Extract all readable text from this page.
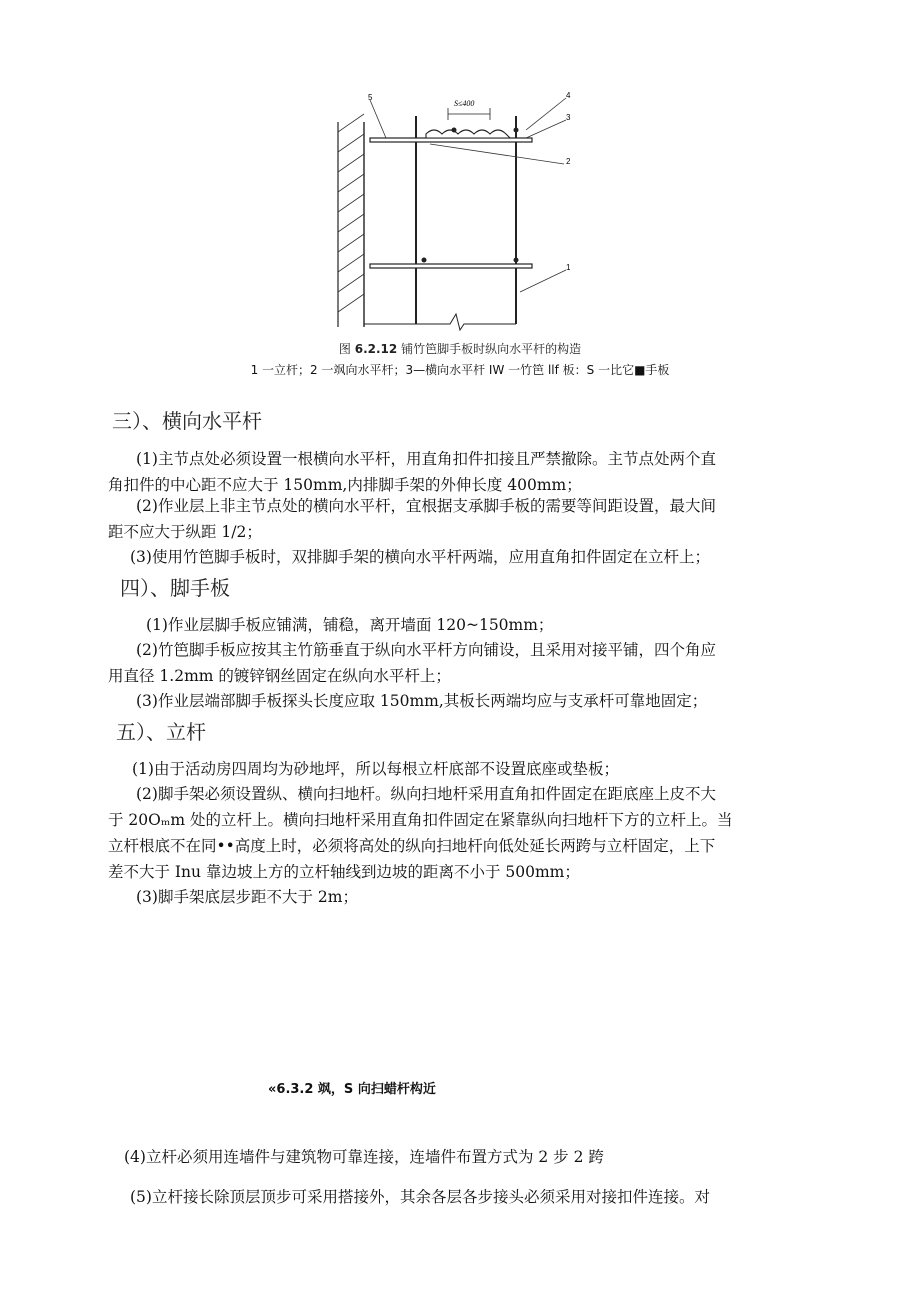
S≤400
5	4
3
2
1
图 6.2.12 铺竹笆脚手板时纵向水平杆的构造
1 一立杆；2 一飒向水平杆；3—横向水平杆 IW 一竹笆 llf 板：S 一比它■手板
三）、横向水平杆
(1)主节点处必须设置一根横向水平杆，用直角扣件扣接且严禁撤除。主节点处两个直
角扣件的中心距不应大于 150mm,内排脚手架的外伸长度 400mm；
(2)作业层上非主节点处的横向水平杆，宜根据支承脚手板的需要等间距设置，最大间
距不应大于纵距 1/2；
(3)使用竹笆脚手板时，双排脚手架的横向水平杆两端，应用直角扣件固定在立杆上；
四）、脚手板
(1)作业层脚手板应铺满，铺稳，离开墙面 120~150mm；
(2)竹笆脚手板应按其主竹筋垂直于纵向水平杆方向铺设，且采用对接平铺，四个角应
用直径 1.2mm 的镀锌钢丝固定在纵向水平杆上；
(3)作业层端部脚手板探头长度应取 150mm,其板长两端均应与支承杆可靠地固定；
五）、立杆
(1)由于活动房四周均为砂地坪，所以每根立杆底部不设置底座或垫板；
(2)脚手架必须设置纵、横向扫地杆。纵向扫地杆采用直角扣件固定在距底座上皮不大
于 20Oₘm 处的立杆上。横向扫地杆采用直角扣件固定在紧靠纵向扫地杆下方的立杆上。当
立杆根底不在同••高度上时，必须将高处的纵向扫地杆向低处延长两跨与立杆固定，上下
差不大于 Inu 靠边坡上方的立杆轴线到边坡的距离不小于 500mm；
(3)脚手架底层步距不大于 2m；
«6.3.2 飒，S 向扫蜡杆构近
(4)立杆必须用连墙件与建筑物可靠连接，连墙件布置方式为 2 步 2 跨
(5)立杆接长除顶层顶步可采用搭接外，其余各层各步接头必须采用对接扣件连接。对
